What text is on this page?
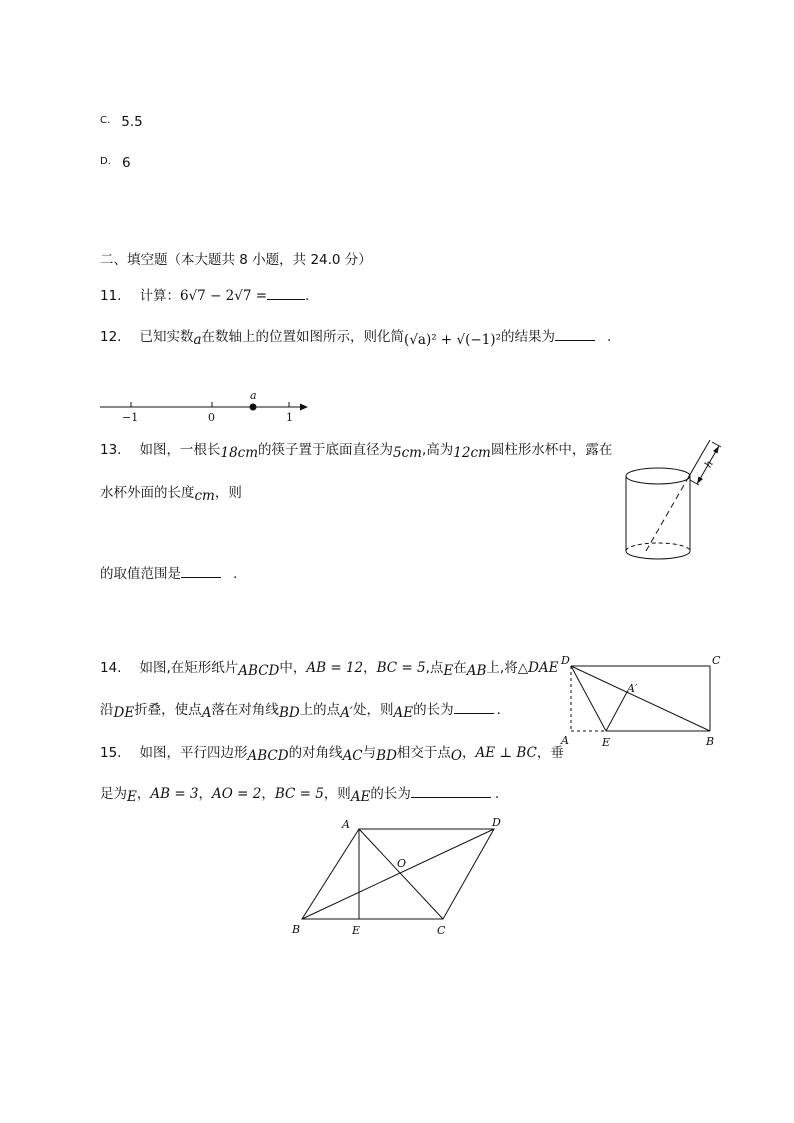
C. 5.5
D. 6
二、填空题（本大题共 8 小题，共 24.0 分）
11. 计算：6√7 − 2√7 =	.
12. 已知实数a在数轴上的位置如图所示，则化简(√a)² + √(−1)²的结果为	.
a
−1	0	1
13. 如图，一根长18cm的筷子置于底面直径为5cm,高为12cm圆柱形水杯中，露在
水杯外面的长度cm，则
的取值范围是	.
h
14. 如图,在矩形纸片ABCD中，AB = 12，BC = 5,点E在AB上,将△DAE
沿DE折叠，使点A落在对角线BD上的点A′处，则AE的长为	.
D	C
A	E	B
A′
15. 如图，平行四边形ABCD的对角线AC与BD相交于点O，AE ⊥ BC，垂
足为E，AB = 3，AO = 2，BC = 5，则AE的长为	.
A	D
O
B	E	C
